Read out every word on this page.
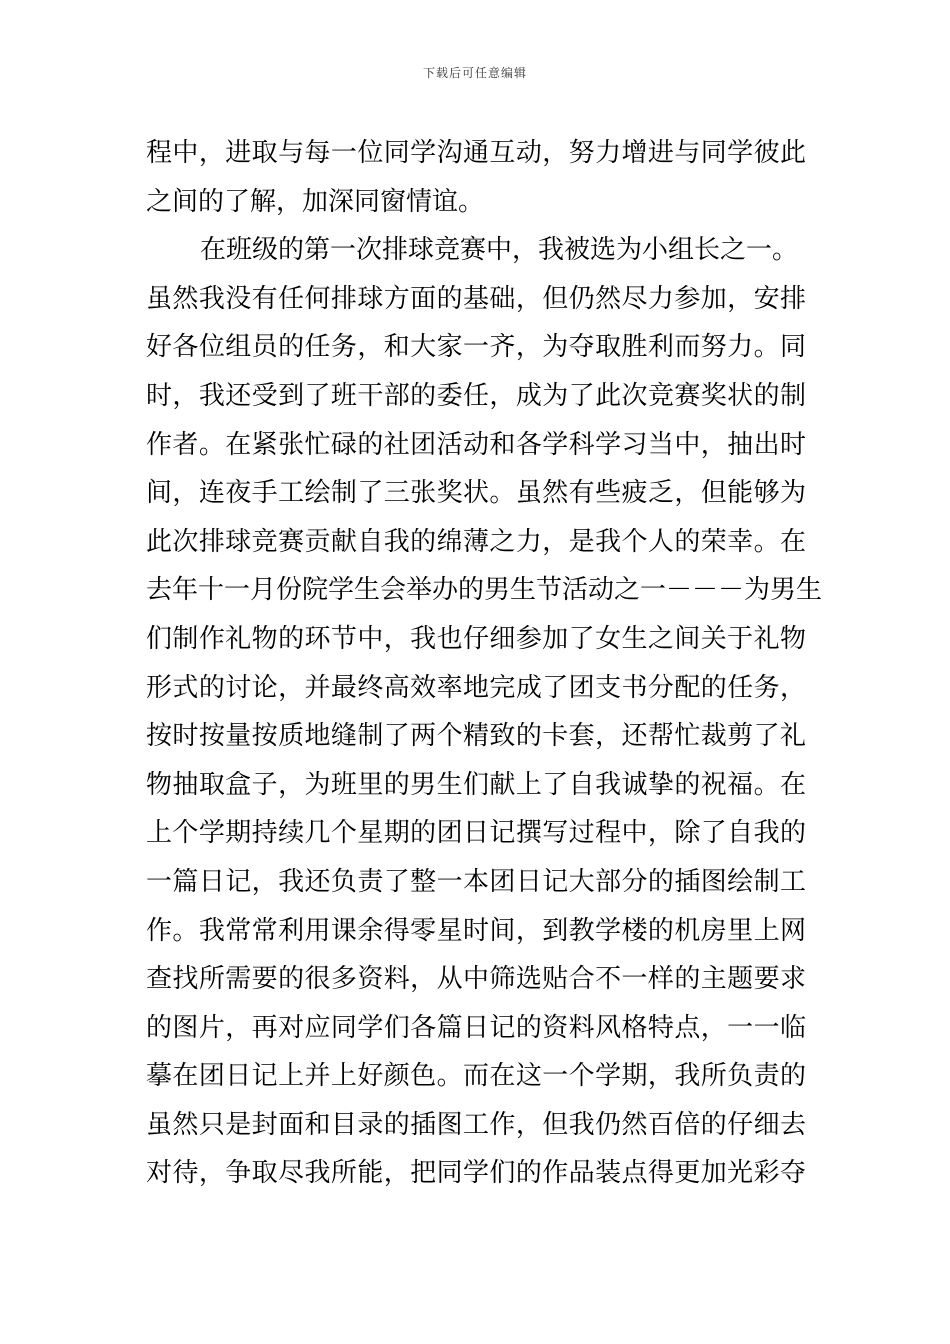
下载后可任意编辑
程中，进取与每一位同学沟通互动，努力增进与同学彼此
之间的了解，加深同窗情谊。
在班级的第一次排球竞赛中，我被选为小组长之一。
虽然我没有任何排球方面的基础，但仍然尽力参加，安排
好各位组员的任务，和大家一齐，为夺取胜利而努力。同
时，我还受到了班干部的委任，成为了此次竞赛奖状的制
作者。在紧张忙碌的社团活动和各学科学习当中，抽出时
间，连夜手工绘制了三张奖状。虽然有些疲乏，但能够为
此次排球竞赛贡献自我的绵薄之力，是我个人的荣幸。在
去年十一月份院学生会举办的男生节活动之一－－－为男生
们制作礼物的环节中，我也仔细参加了女生之间关于礼物
形式的讨论，并最终高效率地完成了团支书分配的任务，
按时按量按质地缝制了两个精致的卡套，还帮忙裁剪了礼
物抽取盒子，为班里的男生们献上了自我诚挚的祝福。在
上个学期持续几个星期的团日记撰写过程中，除了自我的
一篇日记，我还负责了整一本团日记大部分的插图绘制工
作。我常常利用课余得零星时间，到教学楼的机房里上网
查找所需要的很多资料，从中筛选贴合不一样的主题要求
的图片，再对应同学们各篇日记的资料风格特点，一一临
摹在团日记上并上好颜色。而在这一个学期，我所负责的
虽然只是封面和目录的插图工作，但我仍然百倍的仔细去
对待，争取尽我所能，把同学们的作品装点得更加光彩夺
